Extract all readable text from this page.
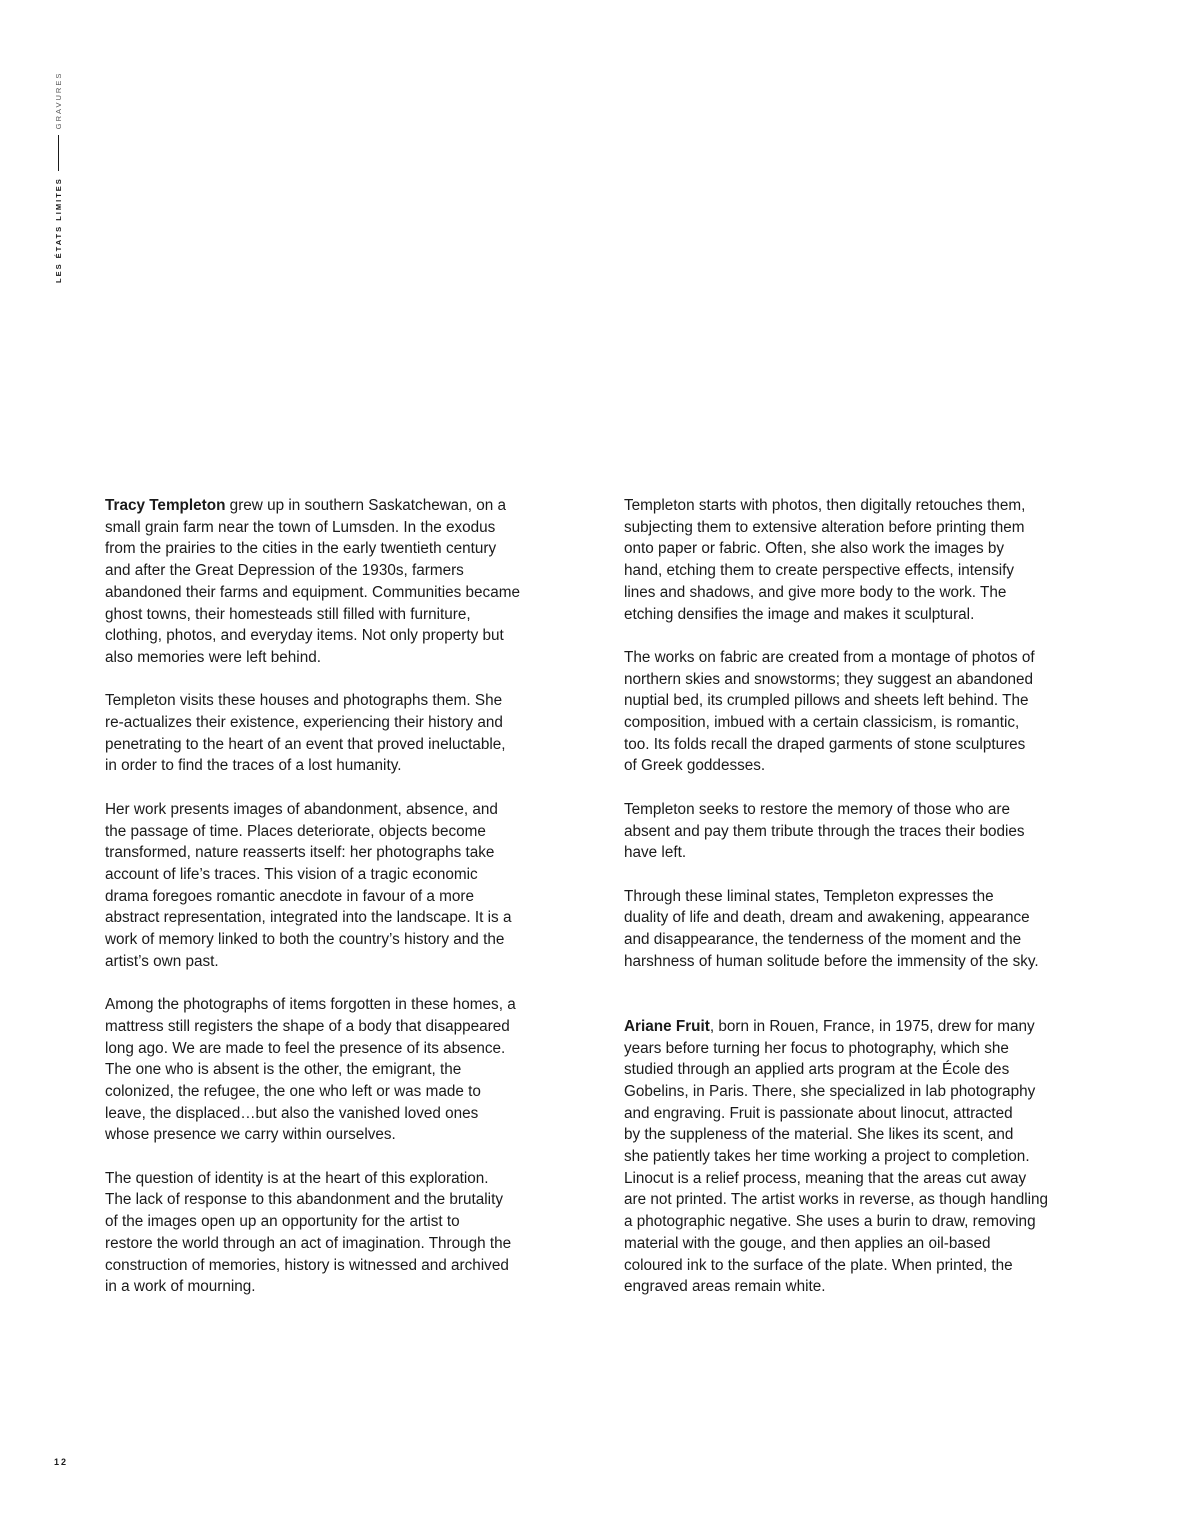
LES ÉTATS LIMITES
GRAVURES

Tracy Templeton grew up in southern Saskatchewan, on a
small grain farm near the town of Lumsden. In the exodus
from the prairies to the cities in the early twentieth century
and after the Great Depression of the 1930s, farmers
abandoned their farms and equipment. Communities became
ghost towns, their homesteads still filled with furniture,
clothing, photos, and everyday items. Not only property but
also memories were left behind.

Templeton visits these houses and photographs them. She
re-actualizes their existence, experiencing their history and
penetrating to the heart of an event that proved ineluctable,
in order to find the traces of a lost humanity.

Her work presents images of abandonment, absence, and
the passage of time. Places deteriorate, objects become
transformed, nature reasserts itself: her photographs take
account of life’s traces. This vision of a tragic economic
drama foregoes romantic anecdote in favour of a more
abstract representation, integrated into the landscape. It is a
work of memory linked to both the country’s history and the
artist’s own past.

Among the photographs of items forgotten in these homes, a
mattress still registers the shape of a body that disappeared
long ago. We are made to feel the presence of its absence.
The one who is absent is the other, the emigrant, the
colonized, the refugee, the one who left or was made to
leave, the displaced…but also the vanished loved ones
whose presence we carry within ourselves.

The question of identity is at the heart of this exploration.
The lack of response to this abandonment and the brutality
of the images open up an opportunity for the artist to
restore the world through an act of imagination. Through the
construction of memories, history is witnessed and archived
in a work of mourning.

Templeton starts with photos, then digitally retouches them,
subjecting them to extensive alteration before printing them
onto paper or fabric. Often, she also work the images by
hand, etching them to create perspective effects, intensify
lines and shadows, and give more body to the work. The
etching densifies the image and makes it sculptural.

The works on fabric are created from a montage of photos of
northern skies and snowstorms; they suggest an abandoned
nuptial bed, its crumpled pillows and sheets left behind. The
composition, imbued with a certain classicism, is romantic,
too. Its folds recall the draped garments of stone sculptures
of Greek goddesses.

Templeton seeks to restore the memory of those who are
absent and pay them tribute through the traces their bodies
have left.

Through these liminal states, Templeton expresses the
duality of life and death, dream and awakening, appearance
and disappearance, the tenderness of the moment and the
harshness of human solitude before the immensity of the sky.

Ariane Fruit, born in Rouen, France, in 1975, drew for many
years before turning her focus to photography, which she
studied through an applied arts program at the École des
Gobelins, in Paris. There, she specialized in lab photography
and engraving. Fruit is passionate about linocut, attracted
by the suppleness of the material. She likes its scent, and
she patiently takes her time working a project to completion.
Linocut is a relief process, meaning that the areas cut away
are not printed. The artist works in reverse, as though handling
a photographic negative. She uses a burin to draw, removing
material with the gouge, and then applies an oil-based
coloured ink to the surface of the plate. When printed, the
engraved areas remain white.

12
